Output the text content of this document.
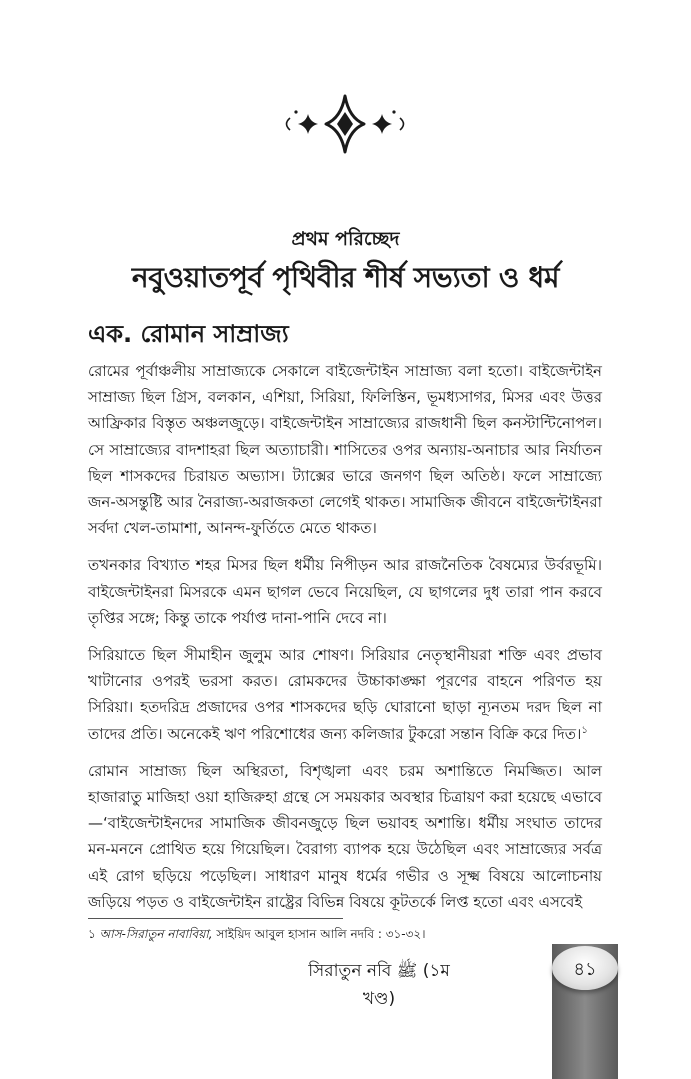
প্রথম পরিচ্ছেদ
নবুওয়াতপূর্ব পৃথিবীর শীর্ষ সভ্যতা ও ধর্ম
এক. রোমান সাম্রাজ্য

রোমের পূর্বাঞ্চলীয় সাম্রাজ্যকে সেকালে বাইজেন্টাইন সাম্রাজ্য বলা হতো। বাইজেন্টাইন সাম্রাজ্য ছিল গ্রিস, বলকান, এশিয়া, সিরিয়া, ফিলিস্তিন, ভূমধ্যসাগর, মিসর এবং উত্তর আফ্রিকার বিস্তৃত অঞ্চলজুড়ে। বাইজেন্টাইন সাম্রাজ্যের রাজধানী ছিল কনস্টান্টিনোপল। সে সাম্রাজ্যের বাদশাহরা ছিল অত্যাচারী। শাসিতের ওপর অন্যায়-অনাচার আর নির্যাতন ছিল শাসকদের চিরায়ত অভ্যাস। ট্যাক্সের ভারে জনগণ ছিল অতিষ্ঠ। ফলে সাম্রাজ্যে জন-অসন্তুষ্টি আর নৈরাজ্য-অরাজকতা লেগেই থাকত। সামাজিক জীবনে বাইজেন্টাইনরা সর্বদা খেল-তামাশা, আনন্দ-ফুর্তিতে মেতে থাকত।

তখনকার বিখ্যাত শহর মিসর ছিল ধর্মীয় নিপীড়ন আর রাজনৈতিক বৈষম্যের উর্বরভূমি। বাইজেন্টাইনরা মিসরকে এমন ছাগল ভেবে নিয়েছিল, যে ছাগলের দুধ তারা পান করবে তৃপ্তির সঙ্গে; কিন্তু তাকে পর্যাপ্ত দানা-পানি দেবে না।

সিরিয়াতে ছিল সীমাহীন জুলুম আর শোষণ। সিরিয়ার নেতৃস্থানীয়রা শক্তি এবং প্রভাব খাটানোর ওপরই ভরসা করত। রোমকদের উচ্চাকাঙ্ক্ষা পূরণের বাহনে পরিণত হয় সিরিয়া। হতদরিদ্র প্রজাদের ওপর শাসকদের ছড়ি ঘোরানো ছাড়া ন্যূনতম দরদ ছিল না তাদের প্রতি। অনেকেই ঋণ পরিশোধের জন্য কলিজার টুকরো সন্তান বিক্রি করে দিত।$^১$

রোমান সাম্রাজ্য ছিল অস্থিরতা, বিশৃঙ্খলা এবং চরম অশান্তিতে নিমজ্জিত। আল হাজারাতু মাজিহা ওয়া হাজিরুহা গ্রন্থে সে সময়কার অবস্থার চিত্রায়ণ করা হয়েছে এভাবে—‘বাইজেন্টাইনদের সামাজিক জীবনজুড়ে ছিল ভয়াবহ অশান্তি। ধর্মীয় সংঘাত তাদের মন-মননে প্রোথিত হয়ে গিয়েছিল। বৈরাগ্য ব্যাপক হয়ে উঠেছিল এবং সাম্রাজ্যের সর্বত্র এই রোগ ছড়িয়ে পড়েছিল। সাধারণ মানুষ ধর্মের গভীর ও সূক্ষ্ম বিষয়ে আলোচনায় জড়িয়ে পড়ত ও বাইজেন্টাইন রাষ্ট্রের বিভিন্ন বিষয়ে কূটতর্কে লিপ্ত হতো এবং এসবেই

১ আস-সিরাতুন নাবাবিয়া, সাইয়িদ আবুল হাসান আলি নদবি : ৩১-৩২।

সিরাতুন নবি ﷺ (১ম খণ্ড)

৪১
